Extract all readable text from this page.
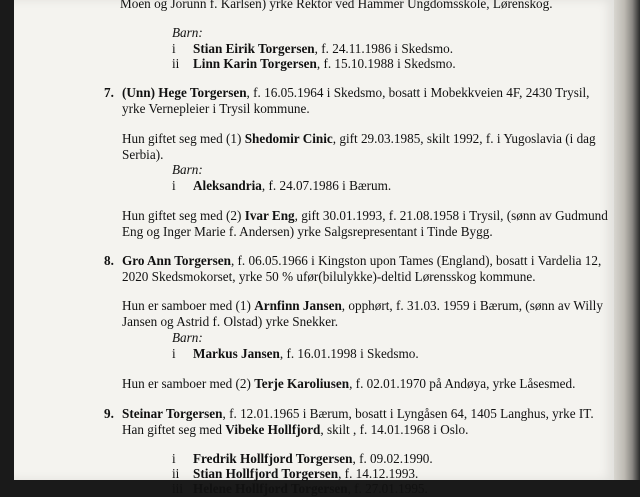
Moen og Jorunn f. Karlsen) yrke Rektor ved Hammer Ungdomsskole, Lørenskog.
Barn:
i Stian Eirik Torgersen, f. 24.11.1986 i Skedsmo.
ii Linn Karin Torgersen, f. 15.10.1988 i Skedsmo.
7. (Unn) Hege Torgersen, f. 16.05.1964 i Skedsmo, bosatt i Mobekkveien 4F, 2430 Trysil,
yrke Vernepleier i Trysil kommune.
Hun giftet seg med (1) Shedomir Cinic, gift 29.03.1985, skilt 1992, f. i Yugoslavia (i dag
Serbia).
Barn:
i Aleksandria, f. 24.07.1986 i Bærum.
Hun giftet seg med (2) Ivar Eng, gift 30.01.1993, f. 21.08.1958 i Trysil, (sønn av Gudmund
Eng og Inger Marie f. Andersen) yrke Salgsrepresentant i Tinde Bygg.
8. Gro Ann Torgersen, f. 06.05.1966 i Kingston upon Tames (England), bosatt i Vardelia 12,
2020 Skedsmokorset, yrke 50 % ufør(bilulykke)-deltid Lørensskog kommune.
Hun er samboer med (1) Arnfinn Jansen, opphørt, f. 31.03. 1959 i Bærum, (sønn av Willy
Jansen og Astrid f. Olstad) yrke Snekker.
Barn:
i Markus Jansen, f. 16.01.1998 i Skedsmo.
Hun er samboer med (2) Terje Karoliusen, f. 02.01.1970 på Andøya, yrke Låsesmed.
9. Steinar Torgersen, f. 12.01.1965 i Bærum, bosatt i Lyngåsen 64, 1405 Langhus, yrke IT.
Han giftet seg med Vibeke Hollfjord, skilt , f. 14.01.1968 i Oslo.
i Fredrik Hollfjord Torgersen, f. 09.02.1990.
ii Stian Hollfjord Torgersen, f. 14.12.1993.
iii Helene Hollfjord Torgersen, f. 27.01.1995.
